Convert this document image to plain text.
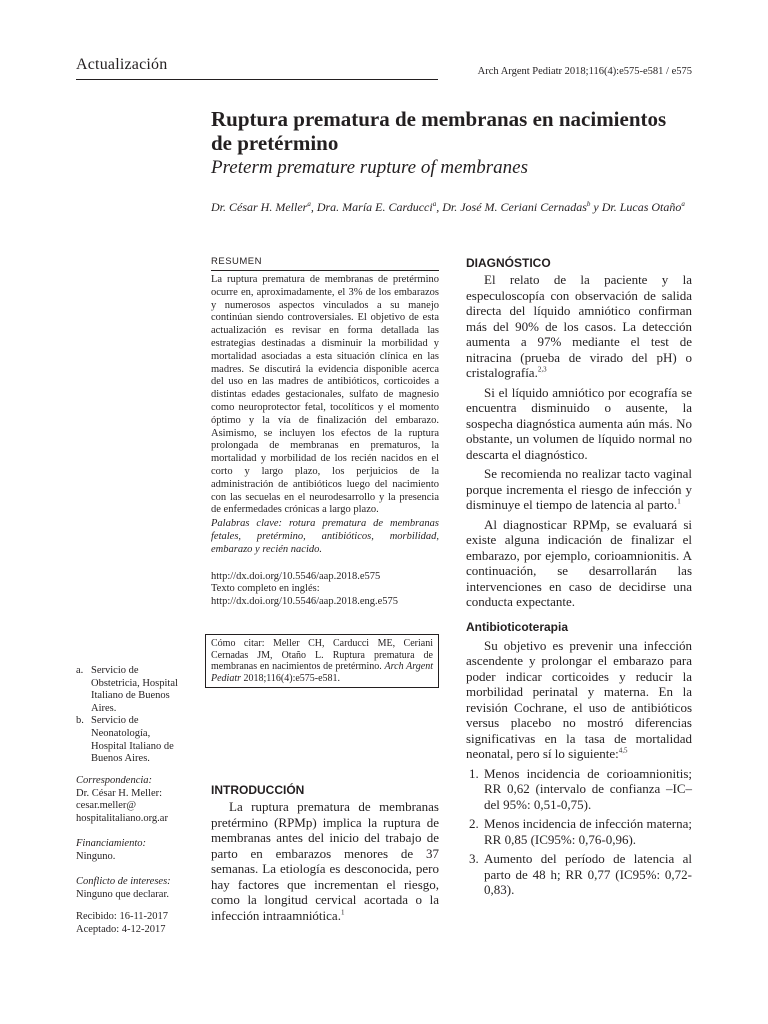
Actualización	Arch Argent Pediatr 2018;116(4):e575-e581 / e575
Ruptura prematura de membranas en nacimientos de pretérmino
Preterm premature rupture of membranes
Dr. César H. Meller$^a$, Dra. María E. Carducci$^a$, Dr. José M. Ceriani Cernadas$^b$ y Dr. Lucas Otaño$^a$
RESUMEN
La ruptura prematura de membranas de pretérmino ocurre en, aproximadamente, el 3% de los embarazos y numerosos aspectos vinculados a su manejo continúan siendo controversiales. El objetivo de esta actualización es revisar en forma detallada las estrategias destinadas a disminuir la morbilidad y mortalidad asociadas a esta situación clínica en las madres. Se discutirá la evidencia disponible acerca del uso en las madres de antibióticos, corticoides a distintas edades gestacionales, sulfato de magnesio como neuroprotector fetal, tocolíticos y el momento óptimo y la vía de finalización del embarazo. Asimismo, se incluyen los efectos de la ruptura prolongada de membranas en prematuros, la mortalidad y morbilidad de los recién nacidos en el corto y largo plazo, los perjuicios de la administración de antibióticos luego del nacimiento con las secuelas en el neurodesarrollo y la presencia de enfermedades crónicas a largo plazo.
Palabras clave: rotura prematura de membranas fetales, pretérmino, antibióticos, morbilidad, embarazo y recién nacido.
http://dx.doi.org/10.5546/aap.2018.e575
Texto completo en inglés:
http://dx.doi.org/10.5546/aap.2018.eng.e575
Cómo citar: Meller CH, Carducci ME, Ceriani Cernadas JM, Otaño L. Ruptura prematura de membranas en nacimientos de pretérmino. Arch Argent Pediatr 2018;116(4):e575-e581.
a. Servicio de Obstetricia, Hospital Italiano de Buenos Aires.
b. Servicio de Neonatología, Hospital Italiano de Buenos Aires.
Correspondencia:
Dr. César H. Meller:
cesar.meller@
hospitalitaliano.org.ar
Financiamiento:
Ninguno.
Conflicto de intereses:
Ninguno que declarar.
Recibido: 16-11-2017
Aceptado: 4-12-2017
INTRODUCCIÓN

La ruptura prematura de membranas pretérmino (RPMp) implica la ruptura de membranas antes del inicio del trabajo de parto en embarazos menores de 37 semanas. La etiología es desconocida, pero hay factores que incrementan el riesgo, como la longitud cervical acortada o la infección intraamniótica.$^1$

DIAGNÓSTICO

El relato de la paciente y la especuloscopía con observación de salida directa del líquido amniótico confirman más del 90% de los casos. La detección aumenta a 97% mediante el test de nitracina (prueba de virado del pH) o cristalografía.$^{2,3}$

Si el líquido amniótico por ecografía se encuentra disminuido o ausente, la sospecha diagnóstica aumenta aún más. No obstante, un volumen de líquido normal no descarta el diagnóstico.

Se recomienda no realizar tacto vaginal porque incrementa el riesgo de infección y disminuye el tiempo de latencia al parto.$^1$

Al diagnosticar RPMp, se evaluará si existe alguna indicación de finalizar el embarazo, por ejemplo, corioamnionitis. A continuación, se desarrollarán las intervenciones en caso de decidirse una conducta expectante.

Antibioticoterapia

Su objetivo es prevenir una infección ascendente y prolongar el embarazo para poder indicar corticoides y reducir la morbilidad perinatal y materna. En la revisión Cochrane, el uso de antibióticos versus placebo no mostró diferencias significativas en la tasa de mortalidad neonatal, pero sí lo siguiente:$^{4,5}$

1. Menos incidencia de corioamnionitis; RR 0,62 (intervalo de confianza –IC– del 95%: 0,51-0,75).
2. Menos incidencia de infección materna; RR 0,85 (IC95%: 0,76-0,96).
3. Aumento del período de latencia al parto de 48 h; RR 0,77 (IC95%: 0,72-0,83).
